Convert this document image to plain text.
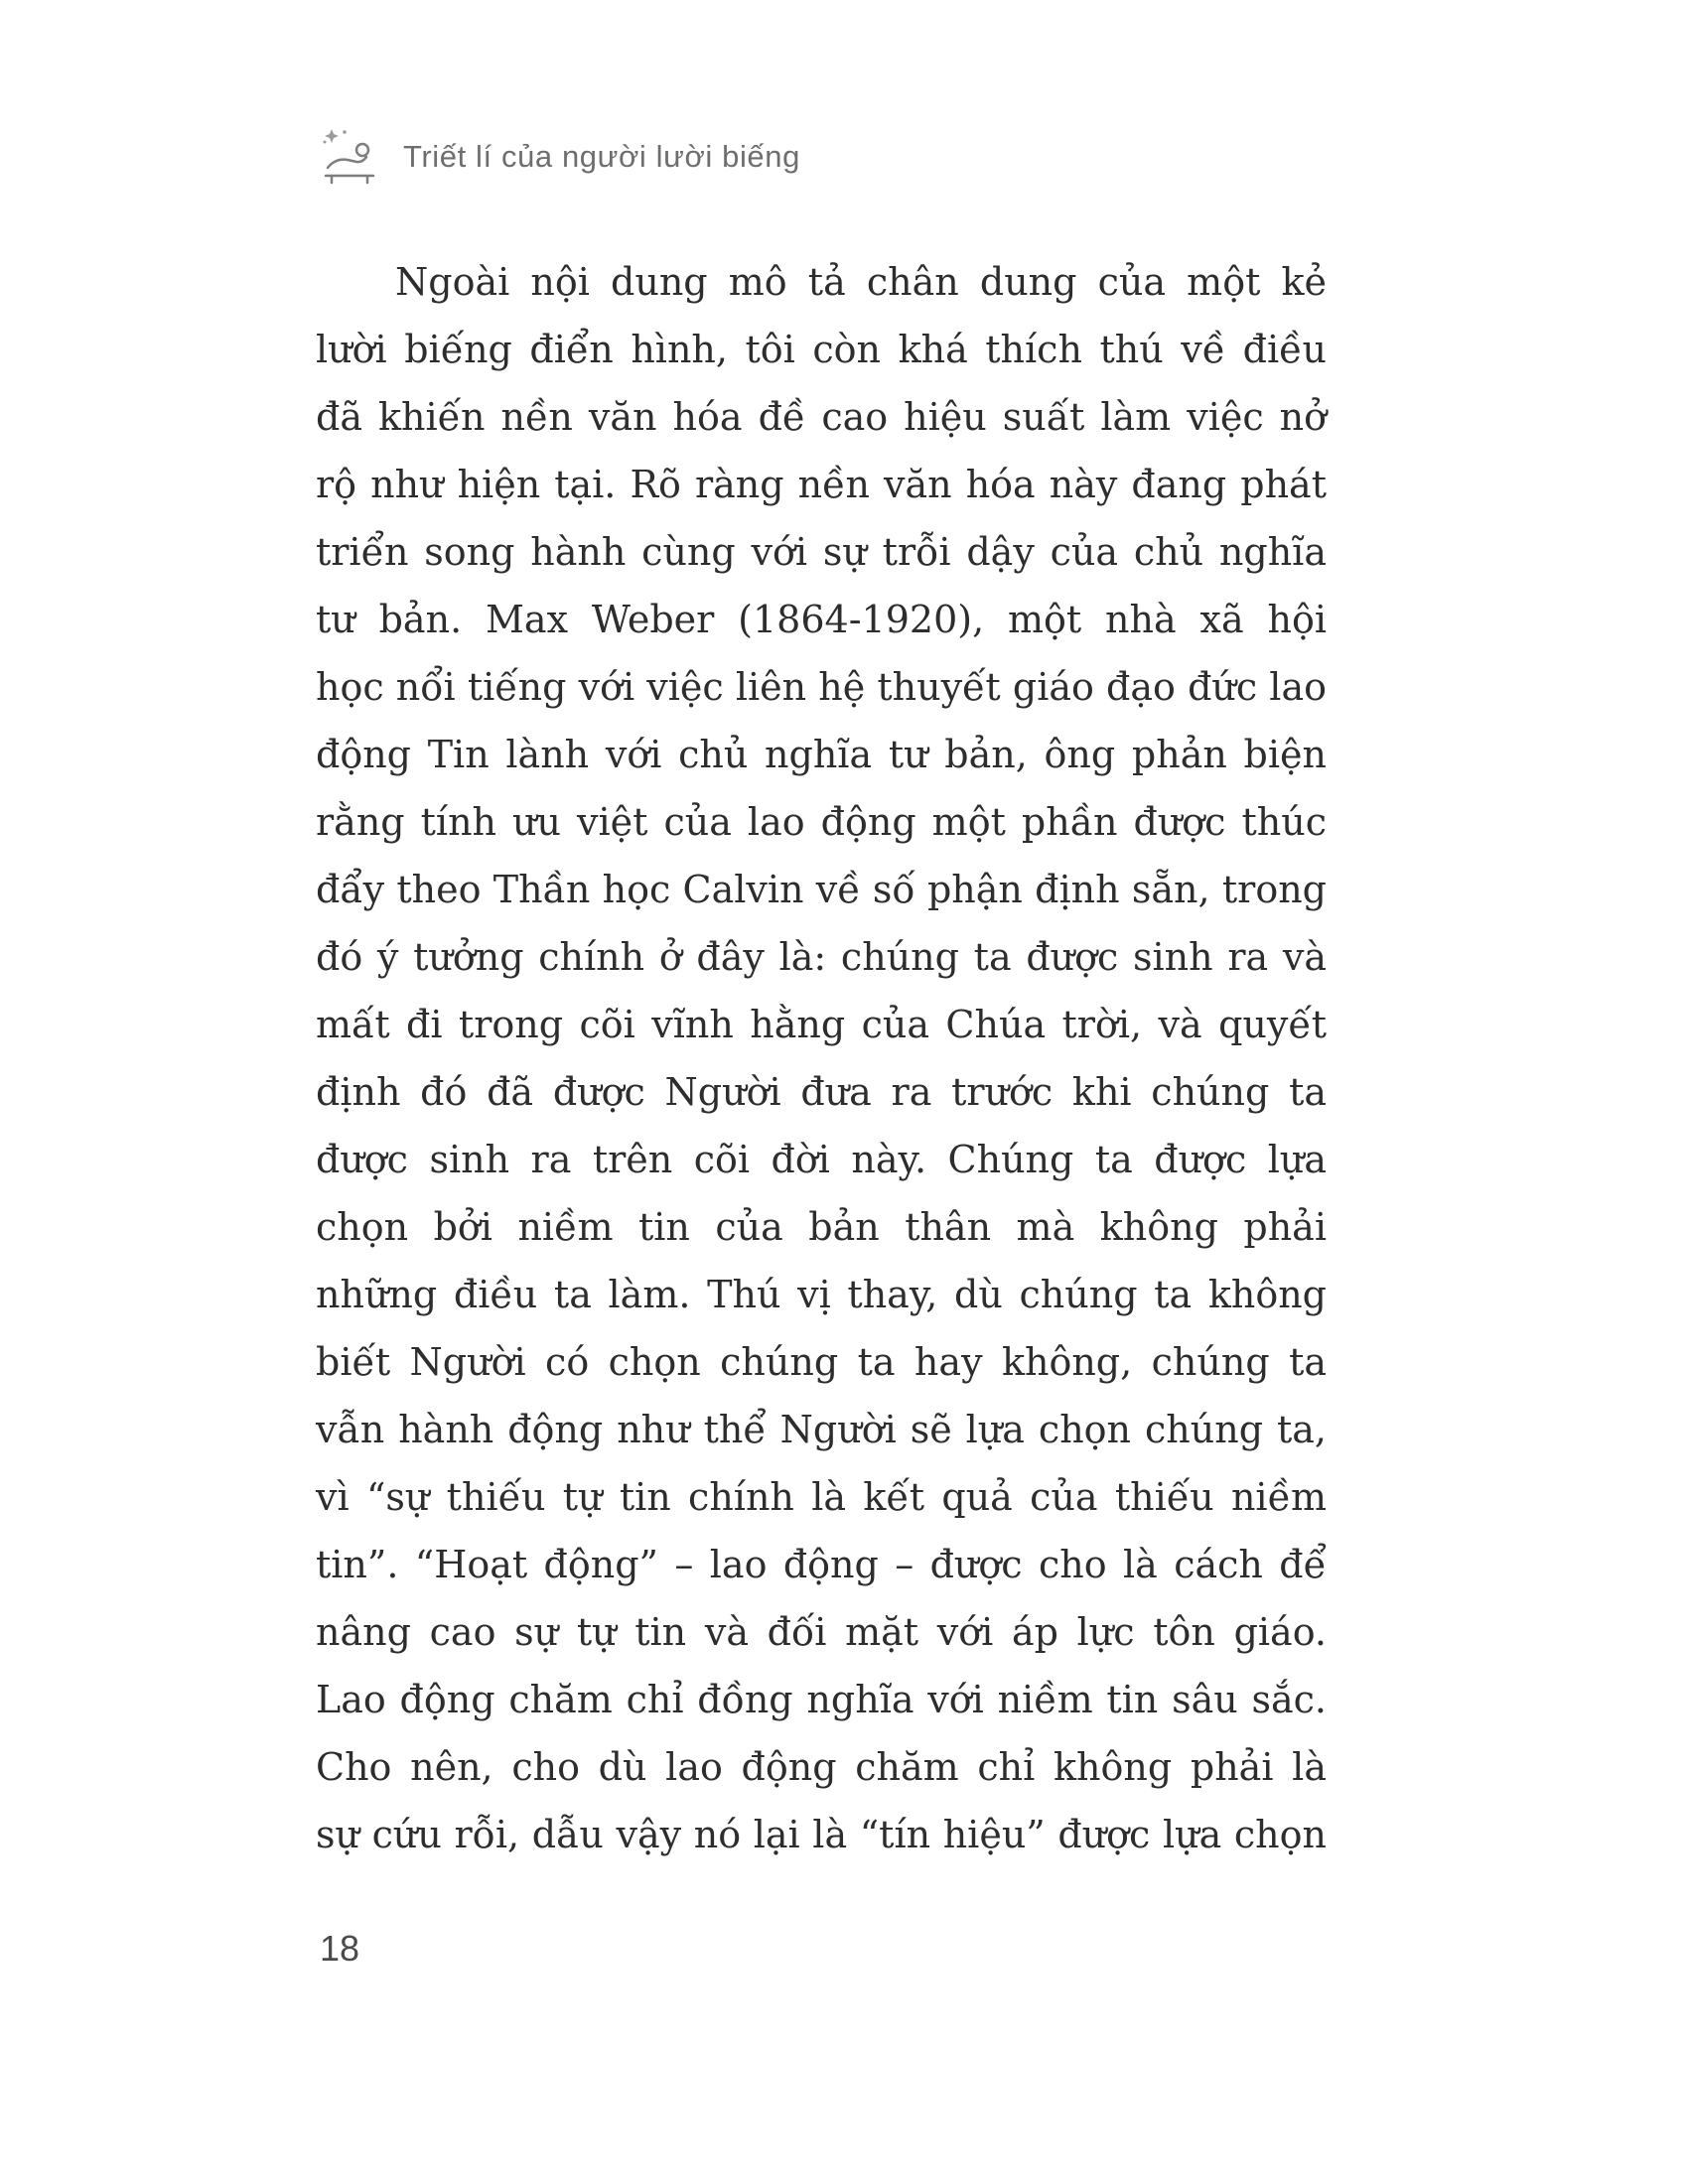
Triết lí của người lười biếng
Ngoài nội dung mô tả chân dung của một kẻ
lười biếng điển hình, tôi còn khá thích thú về điều
đã khiến nền văn hóa đề cao hiệu suất làm việc nở
rộ như hiện tại. Rõ ràng nền văn hóa này đang phát
triển song hành cùng với sự trỗi dậy của chủ nghĩa
tư bản. Max Weber (1864-1920), một nhà xã hội
học nổi tiếng với việc liên hệ thuyết giáo đạo đức lao
động Tin lành với chủ nghĩa tư bản, ông phản biện
rằng tính ưu việt của lao động một phần được thúc
đẩy theo Thần học Calvin về số phận định sẵn, trong
đó ý tưởng chính ở đây là: chúng ta được sinh ra và
mất đi trong cõi vĩnh hằng của Chúa trời, và quyết
định đó đã được Người đưa ra trước khi chúng ta
được sinh ra trên cõi đời này. Chúng ta được lựa
chọn bởi niềm tin của bản thân mà không phải
những điều ta làm. Thú vị thay, dù chúng ta không
biết Người có chọn chúng ta hay không, chúng ta
vẫn hành động như thể Người sẽ lựa chọn chúng ta,
vì “sự thiếu tự tin chính là kết quả của thiếu niềm
tin”. “Hoạt động” – lao động – được cho là cách để
nâng cao sự tự tin và đối mặt với áp lực tôn giáo.
Lao động chăm chỉ đồng nghĩa với niềm tin sâu sắc.
Cho nên, cho dù lao động chăm chỉ không phải là
sự cứu rỗi, dẫu vậy nó lại là “tín hiệu” được lựa chọn
18
